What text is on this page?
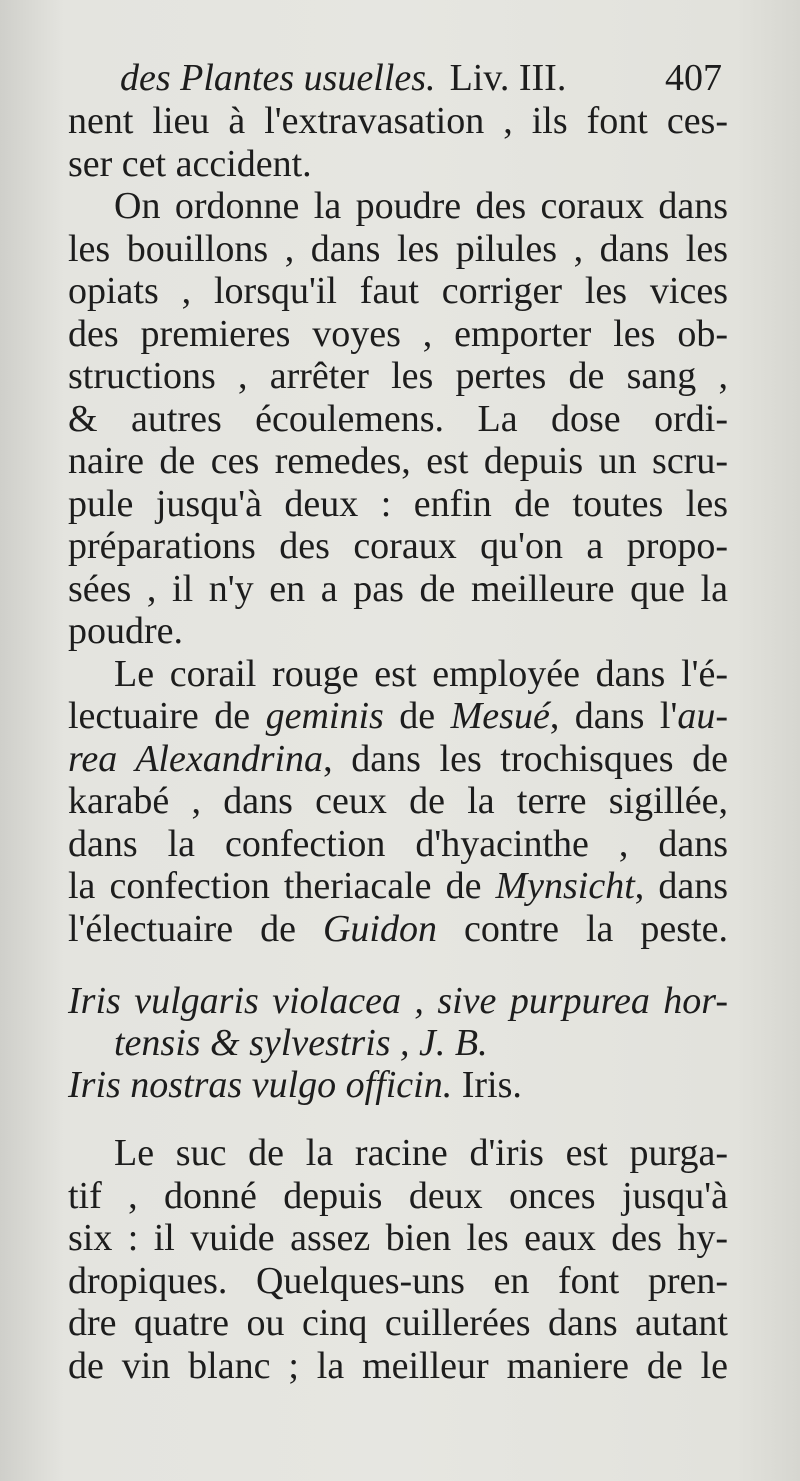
des Plantes usuelles. Liv. III.	407

nent lieu à l'extravasation , ils font ces-
ser cet accident.

On ordonne la poudre des coraux dans
les bouillons , dans les pilules , dans les
opiats , lorsqu'il faut corriger les vices
des premieres voyes , emporter les ob-
structions , arrêter les pertes de sang ,
& autres écoulemens. La dose ordi-
naire de ces remedes, est depuis un scru-
pule jusqu'à deux : enfin de toutes les
préparations des coraux qu'on a propo-
sées , il n'y en a pas de meilleure que la
poudre.

Le corail rouge est employée dans l'é-
lectuaire de geminis de Mesué, dans l'au-
rea Alexandrina, dans les trochisques de
karabé , dans ceux de la terre sigillée,
dans la confection d'hyacinthe , dans
la confection theriacale de Mynsicht, dans
l'électuaire de Guidon contre la peste.

Iris vulgaris violacea , sive purpurea hor-
tensis & sylvestris , J. B.
Iris nostras vulgo officin. Iris.

Le suc de la racine d'iris est purga-
tif , donné depuis deux onces jusqu'à
six : il vuide assez bien les eaux des hy-
dropiques. Quelques-uns en font pren-
dre quatre ou cinq cuillerées dans autant
de vin blanc ; la meilleur maniere de le
